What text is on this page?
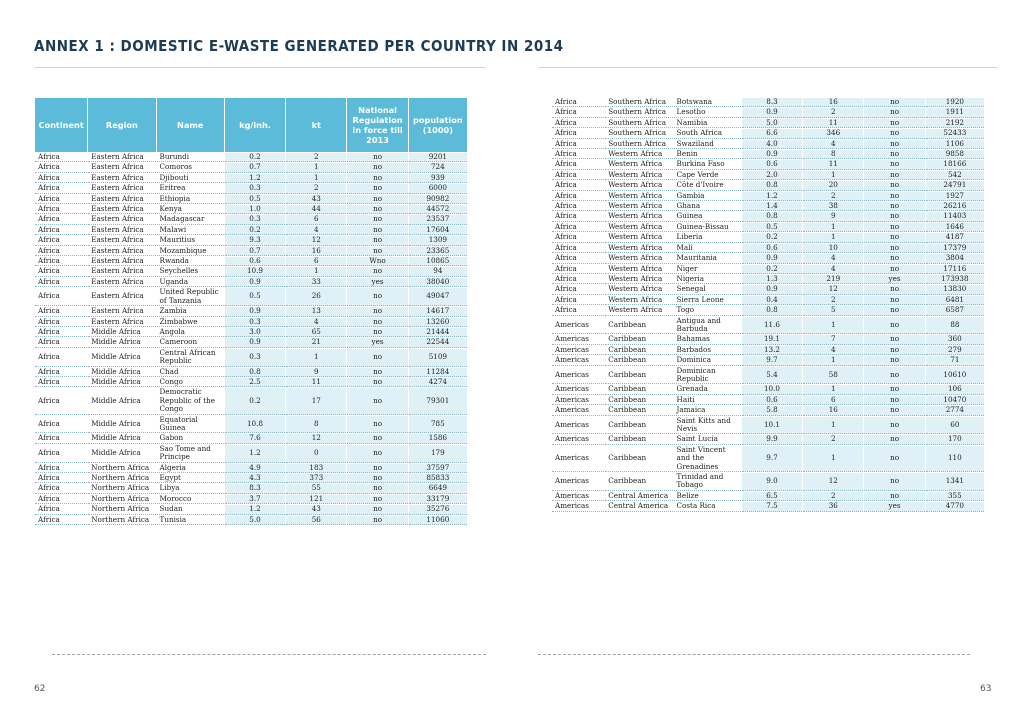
ANNEX 1 : DOMESTIC E-WASTE GENERATED PER COUNTRY IN 2014
Continent	Region	Name	kg/inh.	kt	National Regulation in force till 2013	population (1000)
Africa	Eastern Africa	Burundi	0.2	2	no	9201
Africa	Eastern Africa	Comoros	0.7	1	no	724
Africa	Eastern Africa	Djibouti	1.2	1	no	939
Africa	Eastern Africa	Eritrea	0.3	2	no	6000
Africa	Eastern Africa	Ethiopia	0.5	43	no	90982
Africa	Eastern Africa	Kenya	1.0	44	no	44572
Africa	Eastern Africa	Madagascar	0.3	6	no	23537
Africa	Eastern Africa	Malawi	0.2	4	no	17604
Africa	Eastern Africa	Mauritius	9.3	12	no	1309
Africa	Eastern Africa	Mozambique	0.7	16	no	23365
Africa	Eastern Africa	Rwanda	0.6	6	Wno	10865
Africa	Eastern Africa	Seychelles	10.9	1	no	94
Africa	Eastern Africa	Uganda	0.9	33	yes	38040
Africa	Eastern Africa	United Republic of Tanzania	0.5	26	no	49047
Africa	Eastern Africa	Zambia	0.9	13	no	14617
Africa	Eastern Africa	Zimbabwe	0.3	4	no	13260
Africa	Middle Africa	Angola	3.0	65	no	21444
Africa	Middle Africa	Cameroon	0.9	21	yes	22544
Africa	Middle Africa	Central African Republic	0.3	1	no	5109
Africa	Middle Africa	Chad	0.8	9	no	11284
Africa	Middle Africa	Congo	2.5	11	no	4274
Africa	Middle Africa	Democratic Republic of the Congo	0.2	17	no	79301
Africa	Middle Africa	Equatorial Guinea	10.8	8	no	785
Africa	Middle Africa	Gabon	7.6	12	no	1586
Africa	Middle Africa	Sao Tome and Principe	1.2	0	no	179
Africa	Northern Africa	Algeria	4.9	183	no	37597
Africa	Northern Africa	Egypt	4.3	373	no	85833
Africa	Northern Africa	Libya	8.3	55	no	6649
Africa	Northern Africa	Morocco	3.7	121	no	33179
Africa	Northern Africa	Sudan	1.2	43	no	35276
Africa	Northern Africa	Tunisia	5.0	56	no	11060
Africa	Southern Africa	Botswana	8.3	16	no	1920
Africa	Southern Africa	Lesotho	0.9	2	no	1911
Africa	Southern Africa	Namibia	5.0	11	no	2192
Africa	Southern Africa	South Africa	6.6	346	no	52433
Africa	Southern Africa	Swaziland	4.0	4	no	1106
Africa	Western Africa	Benin	0.9	8	no	9858
Africa	Western Africa	Burkina Faso	0.6	11	no	18166
Africa	Western Africa	Cape Verde	2.0	1	no	542
Africa	Western Africa	Côte d'Ivoire	0.8	20	no	24791
Africa	Western Africa	Gambia	1.2	2	no	1927
Africa	Western Africa	Ghana	1.4	38	no	26216
Africa	Western Africa	Guinea	0.8	9	no	11403
Africa	Western Africa	Guinea-Bissau	0.5	1	no	1646
Africa	Western Africa	Liberia	0.2	1	no	4187
Africa	Western Africa	Mali	0.6	10	no	17379
Africa	Western Africa	Mauritania	0.9	4	no	3804
Africa	Western Africa	Niger	0.2	4	no	17116
Africa	Western Africa	Nigeria	1.3	219	yes	173938
Africa	Western Africa	Senegal	0.9	12	no	13830
Africa	Western Africa	Sierra Leone	0.4	2	no	6481
Africa	Western Africa	Togo	0.8	5	no	6587
Americas	Caribbean	Antigua and Barbuda	11.6	1	no	88
Americas	Caribbean	Bahamas	19.1	7	no	360
Americas	Caribbean	Barbados	13.2	4	no	279
Americas	Caribbean	Dominica	9.7	1	no	71
Americas	Caribbean	Dominican Republic	5.4	58	no	10610
Americas	Caribbean	Grenada	10.0	1	no	106
Americas	Caribbean	Haiti	0.6	6	no	10470
Americas	Caribbean	Jamaica	5.8	16	no	2774
Americas	Caribbean	Saint Kitts and Nevis	10.1	1	no	60
Americas	Caribbean	Saint Lucia	9.9	2	no	170
Americas	Caribbean	Saint Vincent and the Grenadines	9.7	1	no	110
Americas	Caribbean	Trinidad and Tobago	9.0	12	no	1341
Americas	Central America	Belize	6.5	2	no	355
Americas	Central America	Costa Rica	7.5	36	yes	4770
62	63
